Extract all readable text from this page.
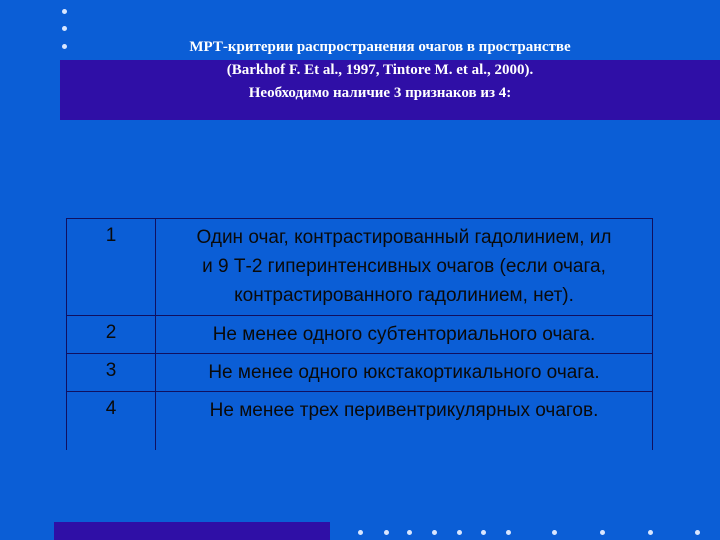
МРТ-критерии распространения очагов в пространстве
(Barkhof F. Et al., 1997, Tintore M. et al., 2000).
Необходимо наличие 3 признаков из 4:
1	Один очаг, контрастированный гадолинием, ил
и 9 Т-2 гиперинтенсивных очагов (если очага,
контрастированного гадолинием, нет).

2	Не менее одного субтенториального очага.

3	Не менее одного юкстакортикального очага.

4	Не менее трех перивентрикулярных очагов.
